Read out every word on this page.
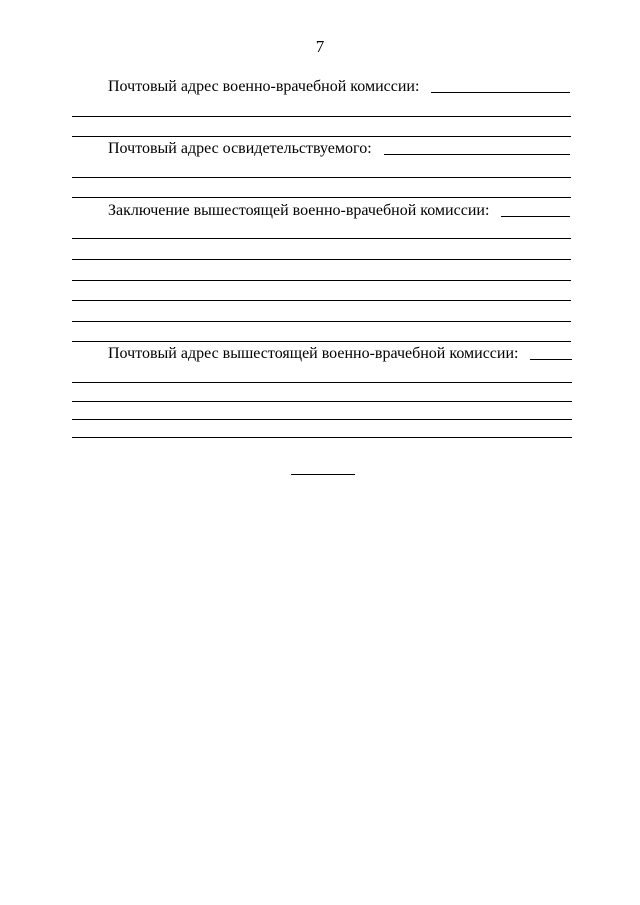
7
Почтовый адрес военно-врачебной комиссии:
Почтовый адрес освидетельствуемого:
Заключение вышестоящей военно-врачебной комиссии:
Почтовый адрес вышестоящей военно-врачебной комиссии:
